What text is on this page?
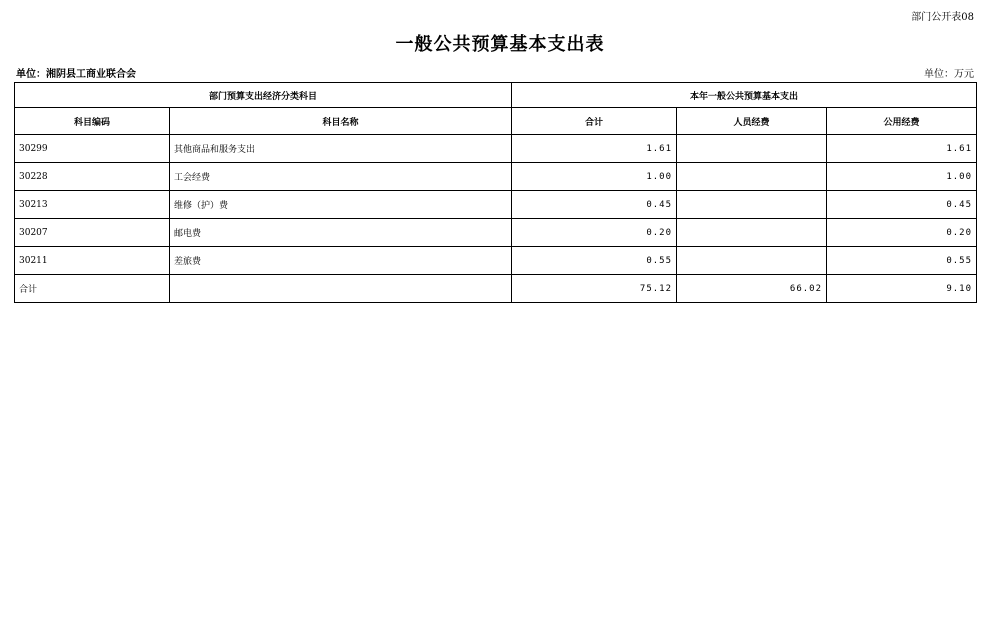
部门公开表08
一般公共预算基本支出表
单位：湘阴县工商业联合会	单位：万元
部门预算支出经济分类科目		本年一般公共预算基本支出		
科目编码	科目名称	合计	人员经费	公用经费
30299	其他商品和服务支出	1.61		1.61
30228	工会经费	1.00		1.00
30213	维修（护）费	0.45		0.45
30207	邮电费	0.20		0.20
30211	差旅费	0.55		0.55
合计		75.12	66.02	9.10
